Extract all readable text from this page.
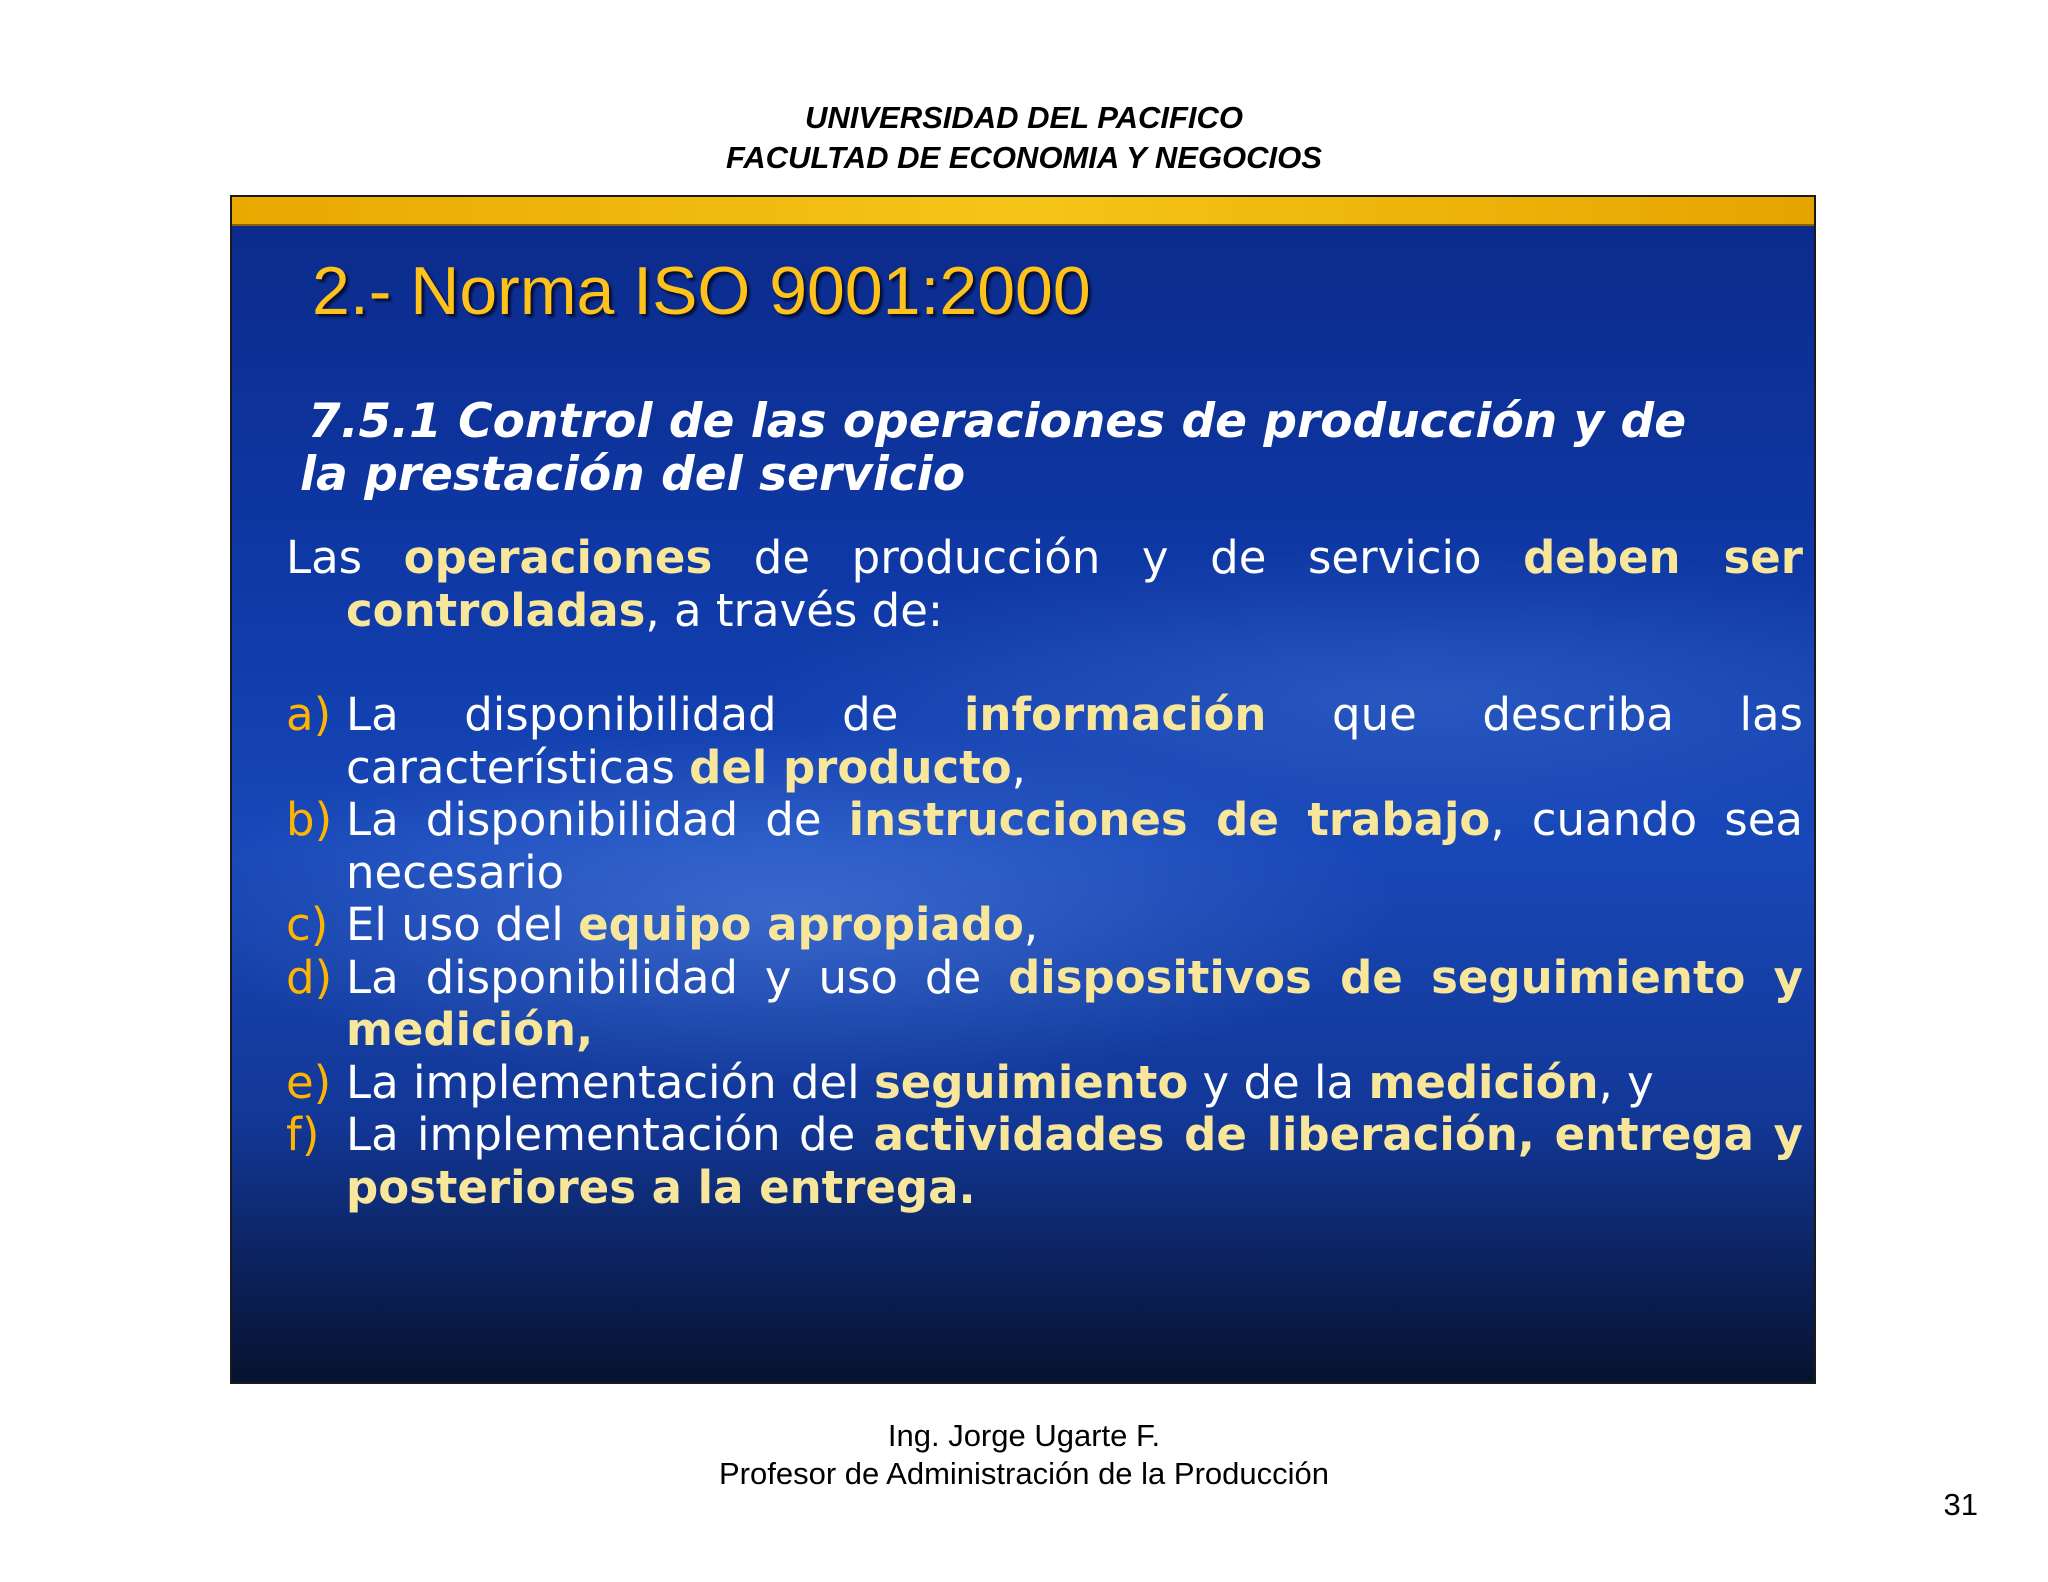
UNIVERSIDAD DEL PACIFICO
FACULTAD DE ECONOMIA Y NEGOCIOS
2.- Norma ISO 9001:2000
7.5.1 Control de las operaciones de producción y de la prestación del servicio
Las operaciones de producción y de servicio deben ser controladas, a través de:
a) La disponibilidad de información que describa las características del producto,
b) La disponibilidad de instrucciones de trabajo, cuando sea necesario
c) El uso del equipo apropiado,
d) La disponibilidad y uso de dispositivos de seguimiento y medición,
e) La implementación del seguimiento y de la medición, y
f) La implementación de actividades de liberación, entrega y posteriores a la entrega.
Ing. Jorge Ugarte F.
Profesor de Administración de la Producción
31
